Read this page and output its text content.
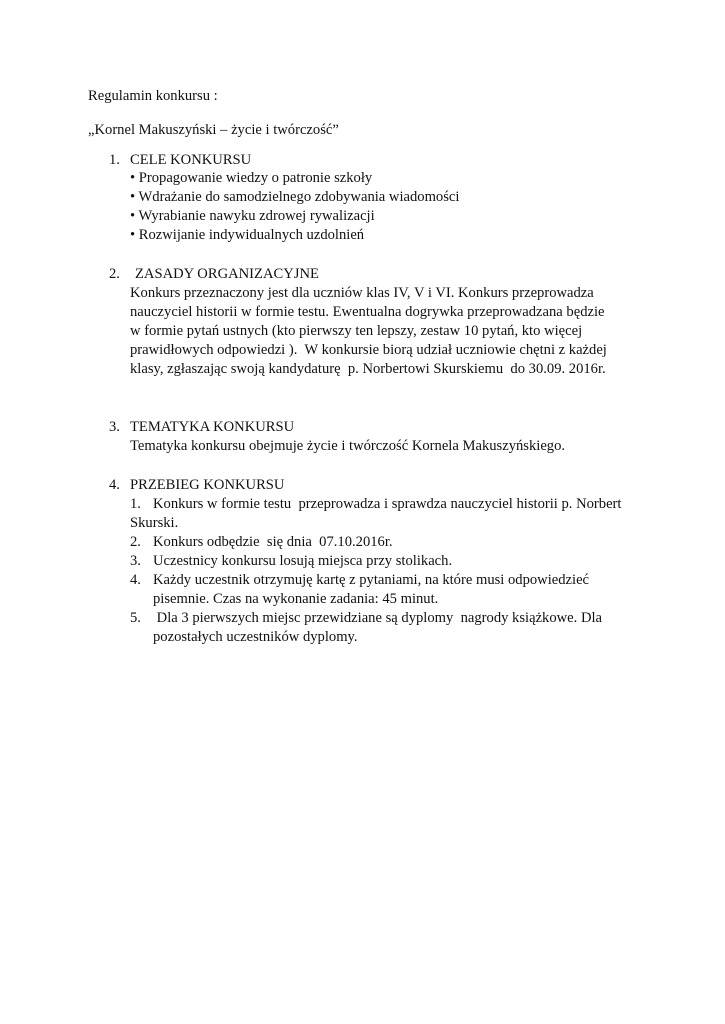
Regulamin konkursu :
„Kornel Makuszyński – życie i twórczość”
1. CELE KONKURSU
• Propagowanie wiedzy o patronie szkoły
• Wdrażanie do samodzielnego zdobywania wiadomości
• Wyrabianie nawyku zdrowej rywalizacji
• Rozwijanie indywidualnych uzdolnień
2. ZASADY ORGANIZACYJNE
Konkurs przeznaczony jest dla uczniów klas IV, V i VI. Konkurs przeprowadza
nauczyciel historii w formie testu. Ewentualna dogrywka przeprowadzana będzie
w formie pytań ustnych (kto pierwszy ten lepszy, zestaw 10 pytań, kto więcej
prawidłowych odpowiedzi ).  W konkursie biorą udział uczniowie chętni z każdej
klasy, zgłaszając swoją kandydaturę  p. Norbertowi Skurskiemu  do 30.09. 2016r.
3. TEMATYKA KONKURSU
Tematyka konkursu obejmuje życie i twórczość Kornela Makuszyńskiego.
4. PRZEBIEG KONKURSU
1. Konkurs w formie testu  przeprowadza i sprawdza nauczyciel historii p. Norbert
Skurski.
2. Konkurs odbędzie  się dnia  07.10.2016r.
3. Uczestnicy konkursu losują miejsca przy stolikach.
4. Każdy uczestnik otrzymuję kartę z pytaniami, na które musi odpowiedzieć
pisemnie. Czas na wykonanie zadania: 45 minut.
5. Dla 3 pierwszych miejsc przewidziane są dyplomy  nagrody książkowe. Dla
pozostałych uczestników dyplomy.
